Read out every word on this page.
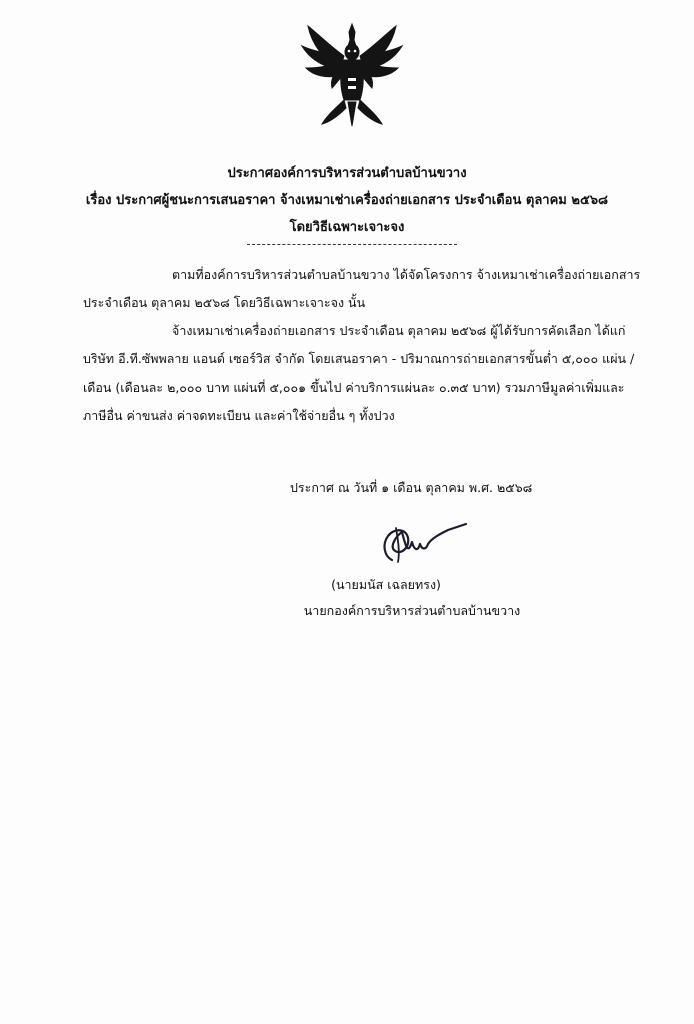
ประกาศองค์การบริหารส่วนตำบลบ้านขวาง
เรื่อง ประกาศผู้ชนะการเสนอราคา จ้างเหมาเช่าเครื่องถ่ายเอกสาร ประจำเดือน ตุลาคม ๒๕๖๘
โดยวิธีเฉพาะเจาะจง
ตามที่องค์การบริหารส่วนตำบลบ้านขวาง ได้จัดโครงการ จ้างเหมาเช่าเครื่องถ่ายเอกสาร
ประจำเดือน ตุลาคม ๒๕๖๘ โดยวิธีเฉพาะเจาะจง นั้น
จ้างเหมาเช่าเครื่องถ่ายเอกสาร ประจำเดือน ตุลาคม ๒๕๖๘ ผู้ได้รับการคัดเลือก ได้แก่
บริษัท อี.ที.ซัพพลาย แอนด์ เซอร์วิส จำกัด โดยเสนอราคา - ปริมาณการถ่ายเอกสารขั้นต่ำ ๕,๐๐๐ แผ่น /
เดือน (เดือนละ ๒,๐๐๐ บาท แผ่นที่ ๕,๐๐๑ ขึ้นไป ค่าบริการแผ่นละ ๐.๓๕ บาท) รวมภาษีมูลค่าเพิ่มและ
ภาษีอื่น ค่าขนส่ง ค่าจดทะเบียน และค่าใช้จ่ายอื่น ๆ ทั้งปวง
ประกาศ ณ วันที่ ๑ เดือน ตุลาคม พ.ศ. ๒๕๖๘
(นายมนัส เฉลยทรง)
นายกองค์การบริหารส่วนตำบลบ้านขวาง
